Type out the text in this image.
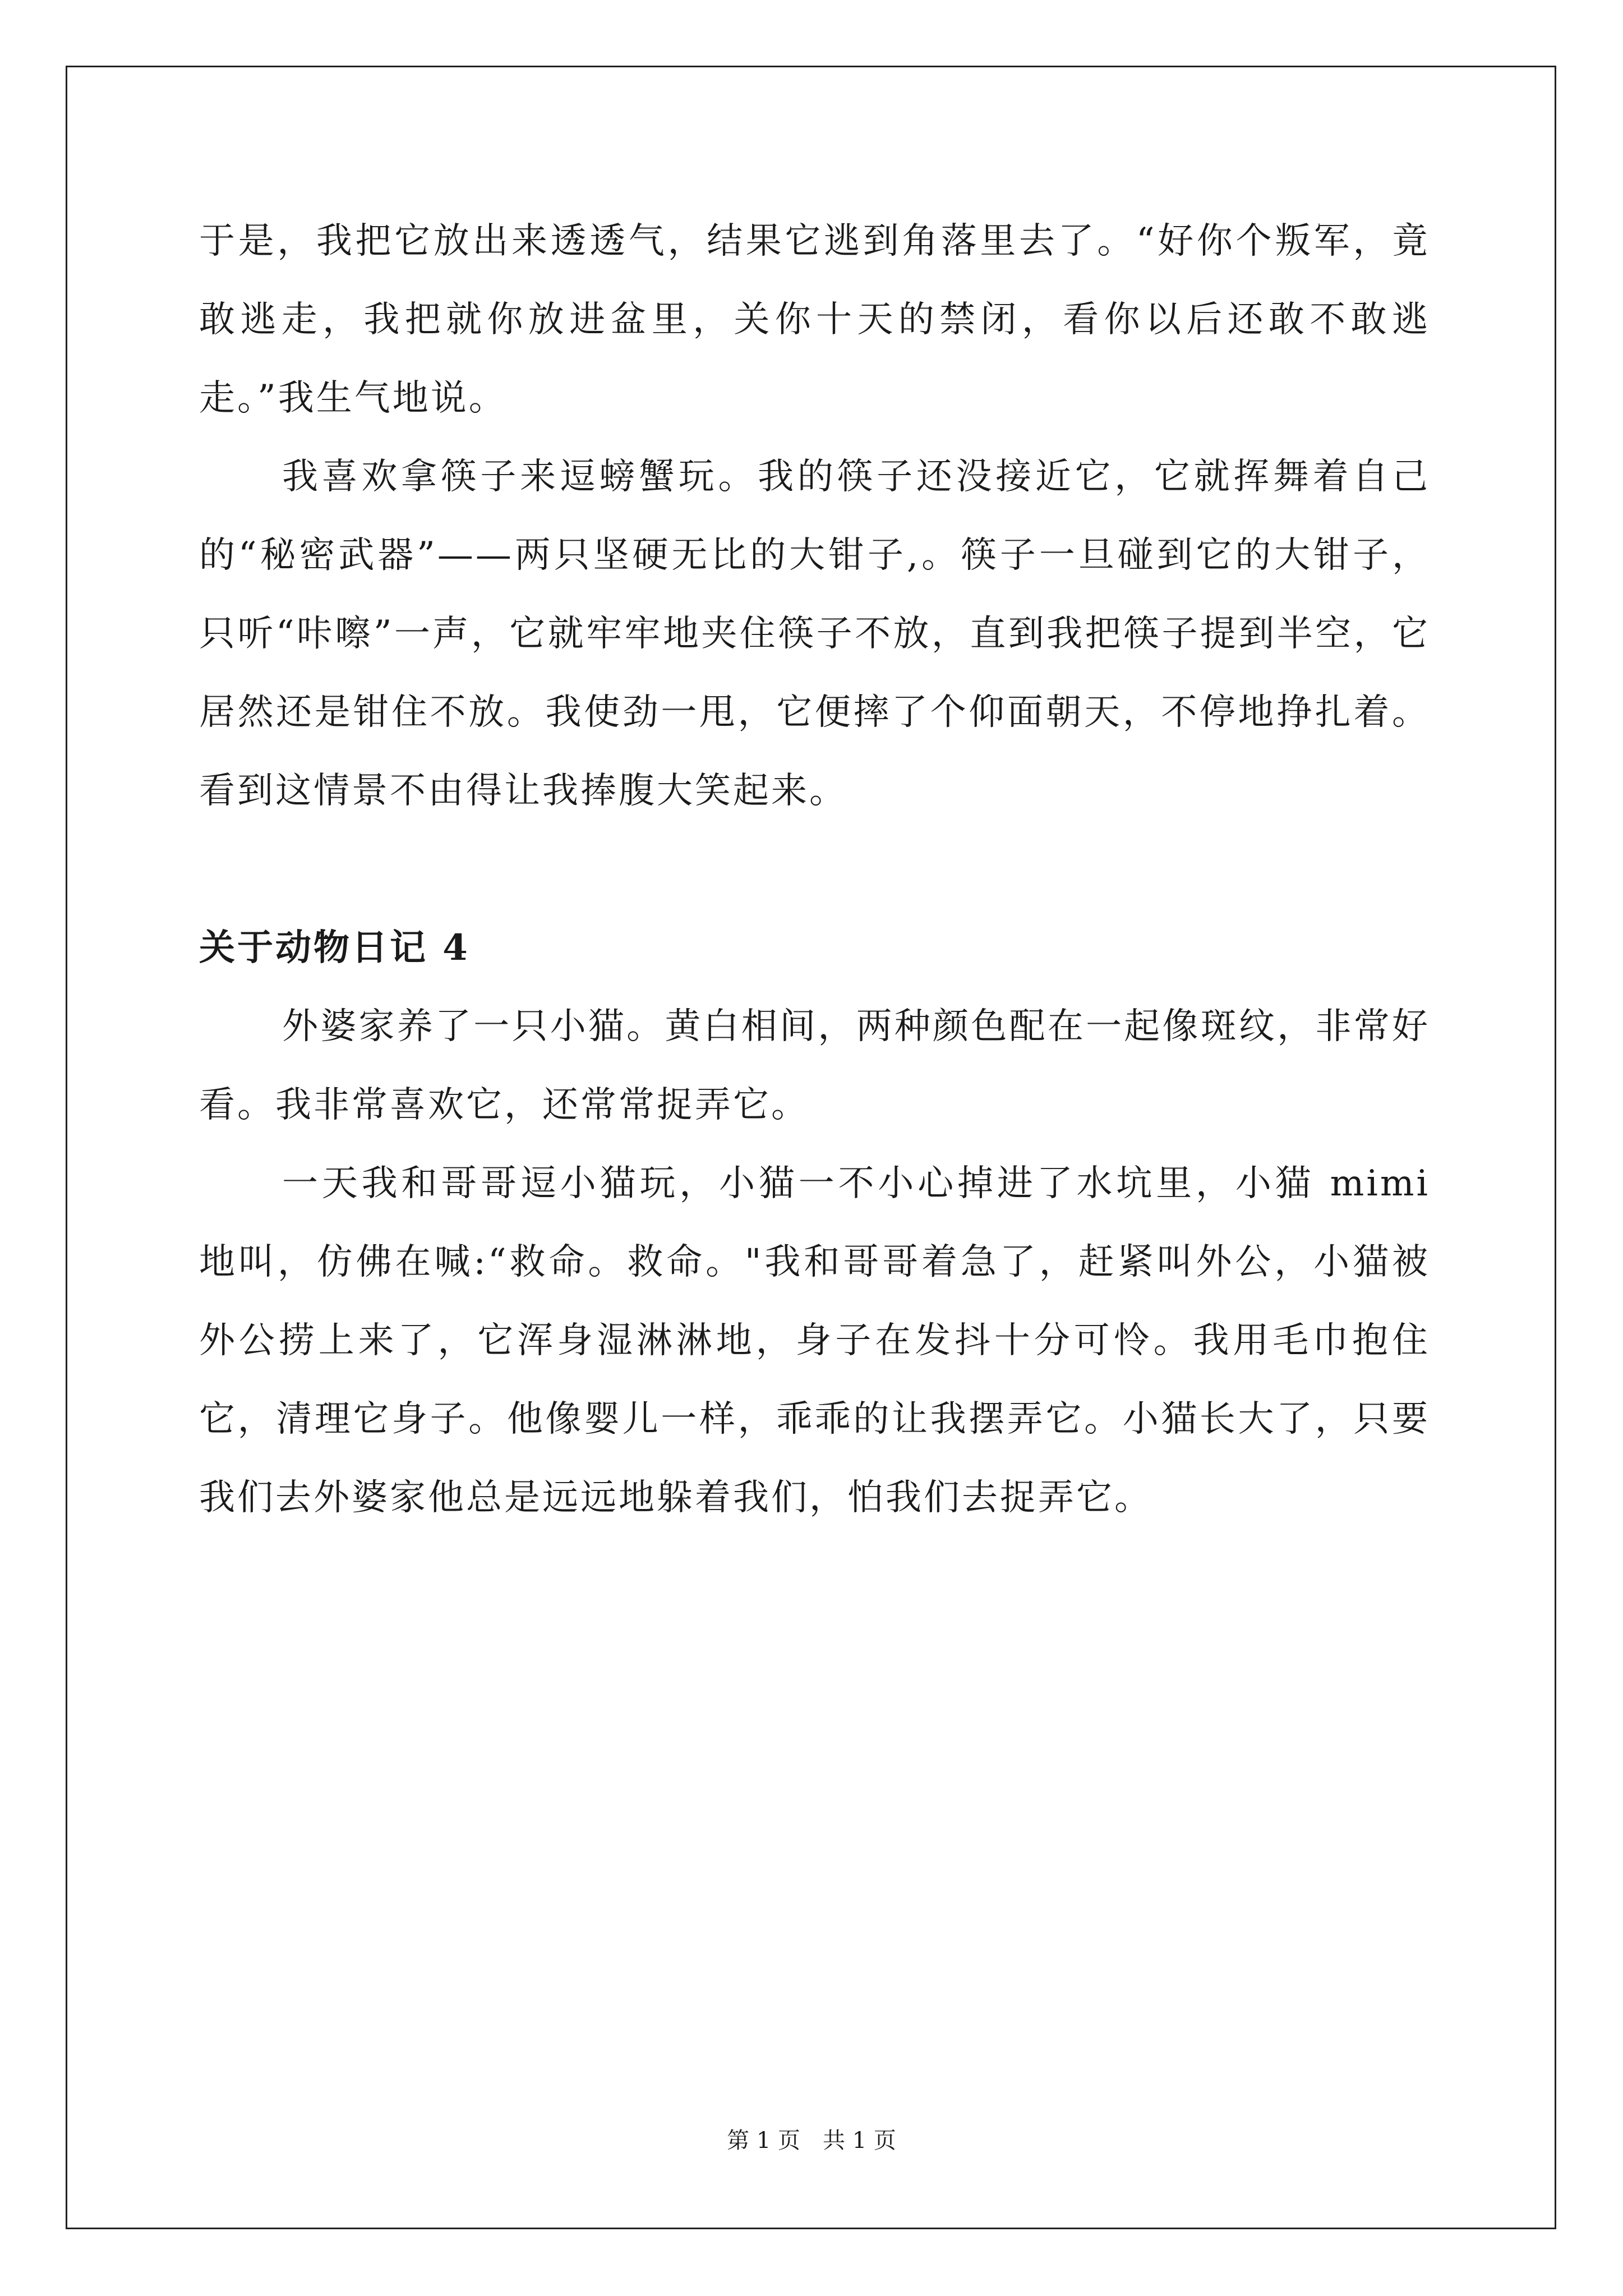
于是，我把它放出来透透气，结果它逃到角落里去了。“好你个叛军，竟敢逃走，我把就你放进盆里，关你十天的禁闭，看你以后还敢不敢逃走。”我生气地说。

我喜欢拿筷子来逗螃蟹玩。我的筷子还没接近它，它就挥舞着自己的“秘密武器”——两只坚硬无比的大钳子,。筷子一旦碰到它的大钳子，只听“咔嚓”一声，它就牢牢地夹住筷子不放，直到我把筷子提到半空，它居然还是钳住不放。我使劲一甩，它便摔了个仰面朝天，不停地挣扎着。看到这情景不由得让我捧腹大笑起来。

关于动物日记 4

外婆家养了一只小猫。黄白相间，两种颜色配在一起像斑纹，非常好看。我非常喜欢它，还常常捉弄它。

一天我和哥哥逗小猫玩，小猫一不小心掉进了水坑里，小猫 mimi 地叫，仿佛在喊:“救命。救命。"我和哥哥着急了，赶紧叫外公，小猫被外公捞上来了，它浑身湿淋淋地，身子在发抖十分可怜。我用毛巾抱住它，清理它身子。他像婴儿一样，乖乖的让我摆弄它。小猫长大了，只要我们去外婆家他总是远远地躲着我们，怕我们去捉弄它。

第 1 页 共 1 页
